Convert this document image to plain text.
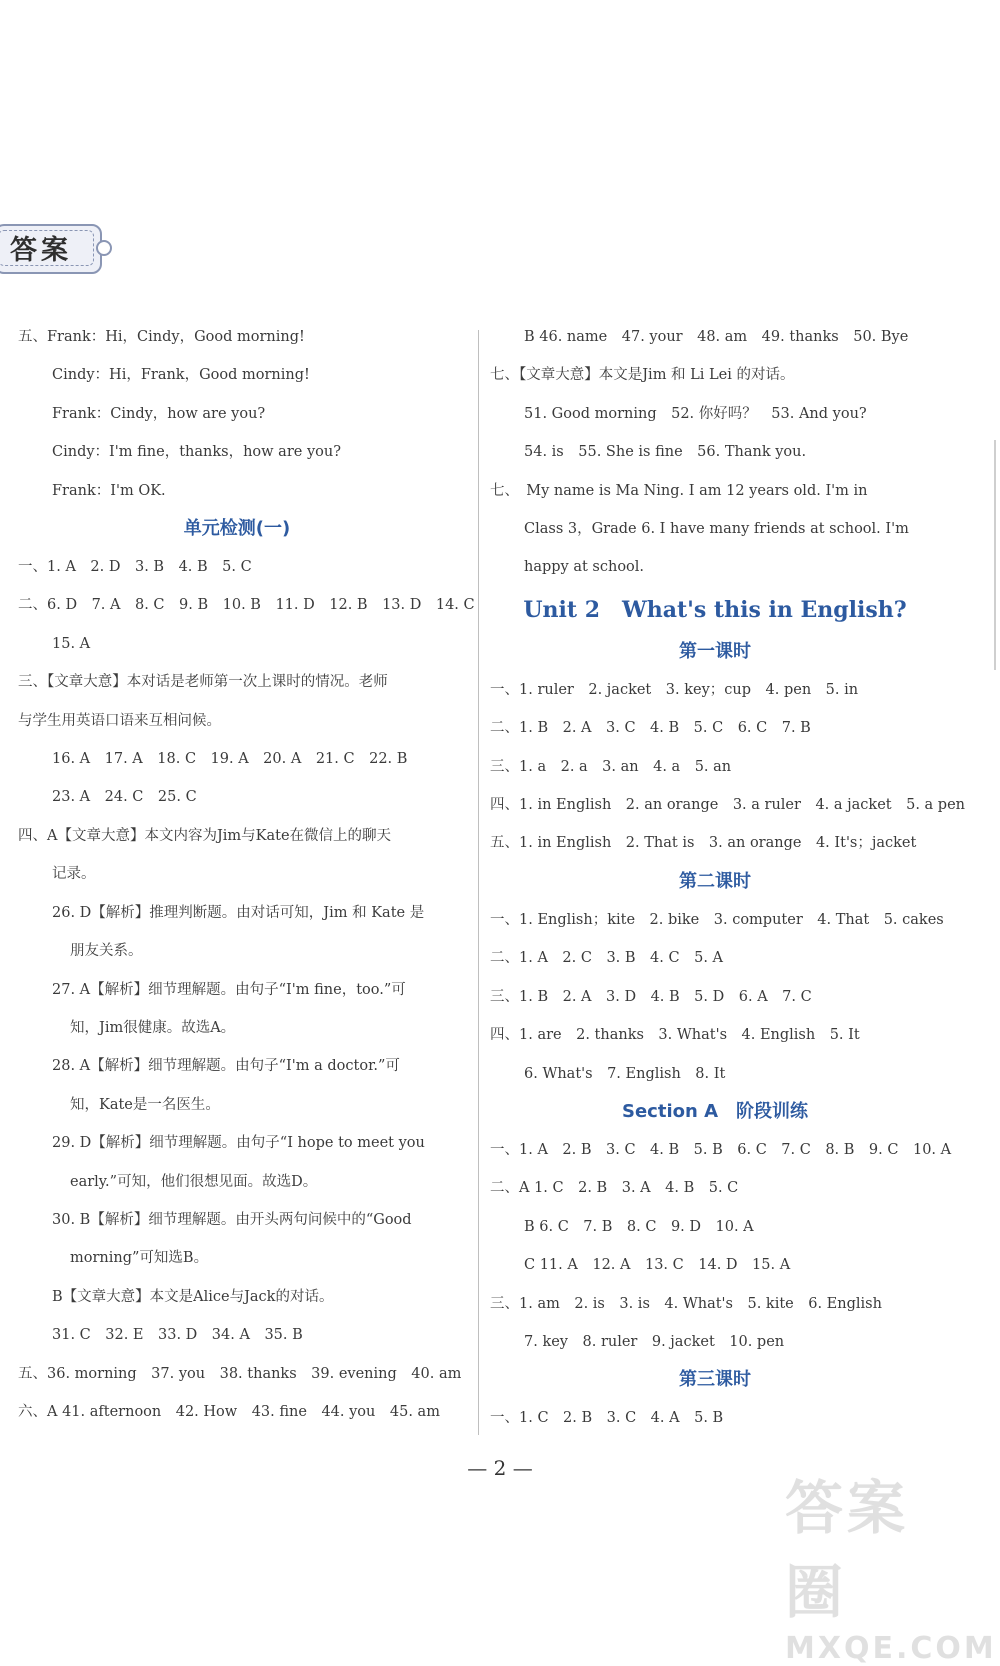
答案
五、Frank：Hi，Cindy，Good morning!
Cindy：Hi，Frank，Good morning!
Frank：Cindy，how are you?
Cindy：I'm fine，thanks，how are you?
Frank：I'm OK.
单元检测(一)
一、1. A　2. D　3. B　4. B　5. C
二、6. D　7. A　8. C　9. B　10. B　11. D　12. B　13. D　14. C
15. A
三、【文章大意】本对话是老师第一次上课时的情况。老师
与学生用英语口语来互相问候。
16. A　17. A　18. C　19. A　20. A　21. C　22. B
23. A　24. C　25. C
四、A【文章大意】本文内容为Jim与Kate在微信上的聊天
记录。
26. D【解析】推理判断题。由对话可知，Jim 和 Kate 是
朋友关系。
27. A【解析】细节理解题。由句子“I'm fine，too.”可
知，Jim很健康。故选A。
28. A【解析】细节理解题。由句子“I'm a doctor.”可
知，Kate是一名医生。
29. D【解析】细节理解题。由句子“I hope to meet you
early.”可知，他们很想见面。故选D。
30. B【解析】细节理解题。由开头两句问候中的“Good
morning”可知选B。
B【文章大意】本文是Alice与Jack的对话。
31. C　32. E　33. D　34. A　35. B
五、36. morning　37. you　38. thanks　39. evening　40. am
六、A 41. afternoon　42. How　43. fine　44. you　45. am
B 46. name　47. your　48. am　49. thanks　50. Bye
七、【文章大意】本文是Jim 和 Li Lei 的对话。
51. Good morning　52. 你好吗？　53. And you?
54. is　55. She is fine　56. Thank you.
七、　My name is Ma Ning. I am 12 years old. I'm in
Class 3，Grade 6. I have many friends at school. I'm
happy at school.
Unit 2　What's this in English?
第一课时
一、1. ruler　2. jacket　3. key；cup　4. pen　5. in
二、1. B　2. A　3. C　4. B　5. C　6. C　7. B
三、1. a　2. a　3. an　4. a　5. an
四、1. in English　2. an orange　3. a ruler　4. a jacket　5. a pen
五、1. in English　2. That is　3. an orange　4. It's；jacket
第二课时
一、1. English；kite　2. bike　3. computer　4. That　5. cakes
二、1. A　2. C　3. B　4. C　5. A
三、1. B　2. A　3. D　4. B　5. D　6. A　7. C
四、1. are　2. thanks　3. What's　4. English　5. It
6. What's　7. English　8. It
Section A　阶段训练
一、1. A　2. B　3. C　4. B　5. B　6. C　7. C　8. B　9. C　10. A
二、A 1. C　2. B　3. A　4. B　5. C
B 6. C　7. B　8. C　9. D　10. A
C 11. A　12. A　13. C　14. D　15. A
三、1. am　2. is　3. is　4. What's　5. kite　6. English
7. key　8. ruler　9. jacket　10. pen
第三课时
一、1. C　2. B　3. C　4. A　5. B
— 2 —
答案圈
MXQE.COM
